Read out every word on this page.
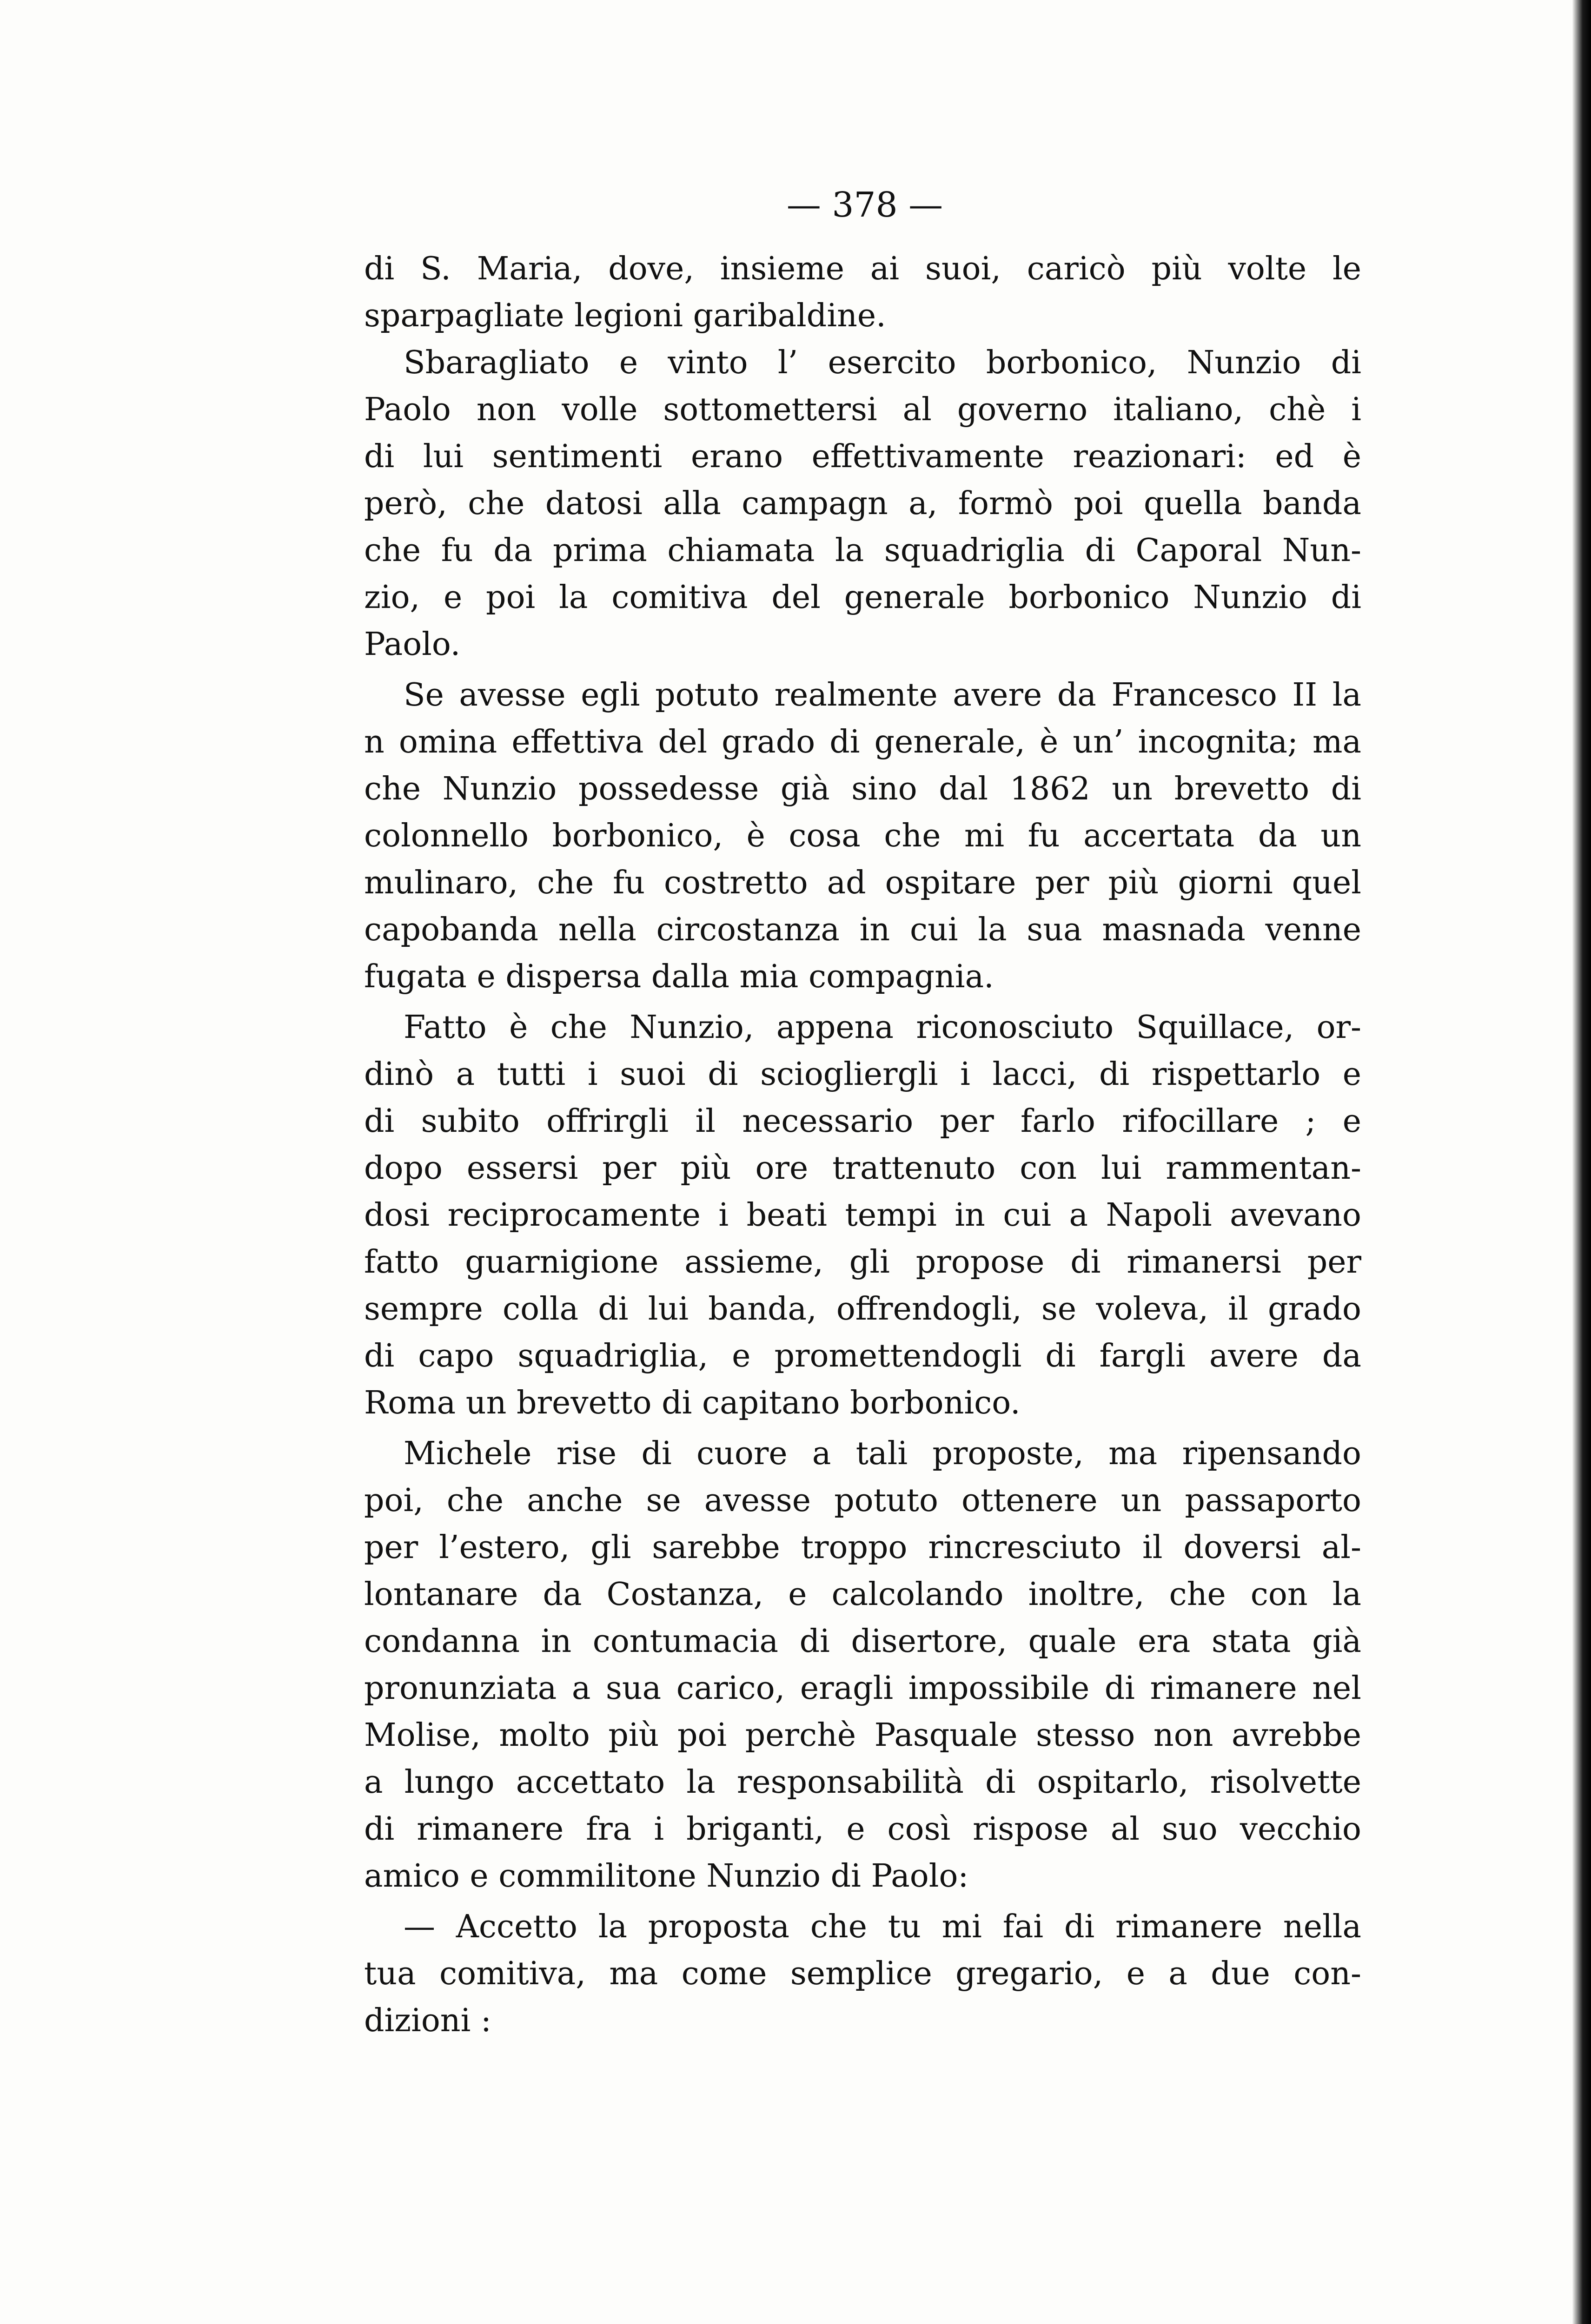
— 378 —
di S. Maria, dove, insieme ai suoi, caricò più volte le
sparpagliate legioni garibaldine.
Sbaragliato e vinto l’ esercito borbonico, Nunzio di
Paolo non volle sottomettersi al governo italiano, chè i
di lui sentimenti erano effettivamente reazionari: ed è
però, che datosi alla campagn a, formò poi quella banda
che fu da prima chiamata la squadriglia di Caporal Nun-
zio, e poi la comitiva del generale borbonico Nunzio di
Paolo.
Se avesse egli potuto realmente avere da Francesco II la
n omina effettiva del grado di generale, è un’ incognita; ma
che Nunzio possedesse già sino dal 1862 un brevetto di
colonnello borbonico, è cosa che mi fu accertata da un
mulinaro, che fu costretto ad ospitare per più giorni quel
capobanda nella circostanza in cui la sua masnada venne
fugata e dispersa dalla mia compagnia.
Fatto è che Nunzio, appena riconosciuto Squillace, or-
dinò a tutti i suoi di sciogliergli i lacci, di rispettarlo e
di subito offrirgli il necessario per farlo rifocillare ; e
dopo essersi per più ore trattenuto con lui rammentan-
dosi reciprocamente i beati tempi in cui a Napoli avevano
fatto guarnigione assieme, gli propose di rimanersi per
sempre colla di lui banda, offrendogli, se voleva, il grado
di capo squadriglia, e promettendogli di fargli avere da
Roma un brevetto di capitano borbonico.
Michele rise di cuore a tali proposte, ma ripensando
poi, che anche se avesse potuto ottenere un passaporto
per l’estero, gli sarebbe troppo rincresciuto il doversi al-
lontanare da Costanza, e calcolando inoltre, che con la
condanna in contumacia di disertore, quale era stata già
pronunziata a sua carico, eragli impossibile di rimanere nel
Molise, molto più poi perchè Pasquale stesso non avrebbe
a lungo accettato la responsabilità di ospitarlo, risolvette
di rimanere fra i briganti, e così rispose al suo vecchio
amico e commilitone Nunzio di Paolo:
— Accetto la proposta che tu mi fai di rimanere nella
tua comitiva, ma come semplice gregario, e a due con-
dizioni :
